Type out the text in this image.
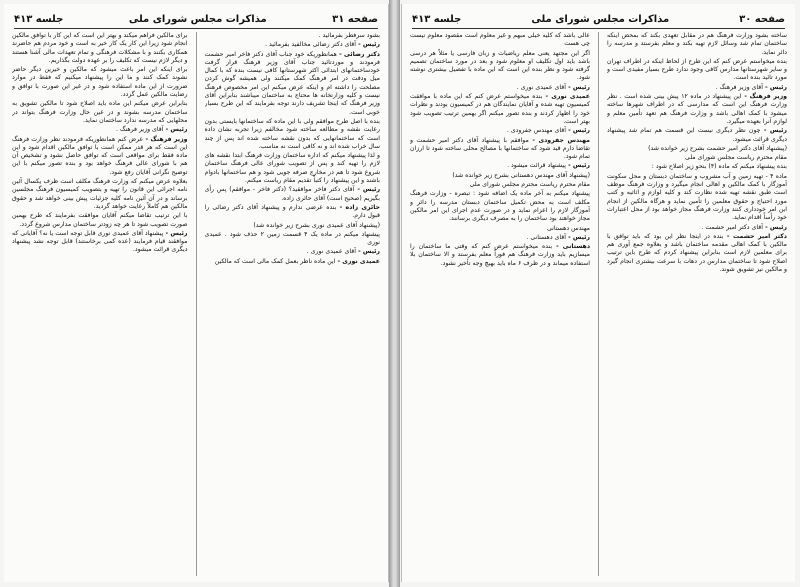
صفحه ۳۱
مذاکرات مجلس شورای ملی
جلسه ۴۱۳

بشود سرفطر بفرمائید .

رئیس - آقای دکتر رضائی مخالفید بفرمائید .

دکتر رضائی - همانطوریکه خود جناب آقای دکتر فاخر امیر حشمت فرمودند و موردتائید جناب آقای وزیر فرهنگ قرار گرفت خودساختمانهای ابتدائی اکثر شهرستانها کافی نیست بنده که با کمال میل ودقت در امر فرهنگ کمک میکنند ولی همیشه گوش کردن مصلحت را داشته ام و اینکه عرض میکنم این امر مخصوص فرهنگ نیست و کلیه وزارتخانه ها محتاج به ساختمان میباشند بنابراین آقای وزیر فرهنگ که اینجا تشریف دارند توجه بفرمایند که این طرح بسیار خوبی است.

بنده با اصل طرح موافقم ولی با این ماده که ساختمانها بایستی بدون رعایت نقشه و مطالعه ساخته شود مخالفم زیرا تجربه نشان داده است که ساختمانهایی که بدون نقشه ساخته شده اند پس از چند سال خراب شده اند و نه کافی است نه مناسب.

و لذا پیشنهاد میکنم که اداره ساختمان وزارت فرهنگ ابتدا نقشه های لازم را تهیه کند و پس از تصویب شورای عالی فرهنگ ساختمان شروع شود تا هم در مخارج صرفه جویی شود و هم ساختمانها بادوام باشند و این پیشنهاد را کتباً تقدیم مقام ریاست میکنم.

رئیس - آقای دکتر فاخر موافقید؟ (دکتر فاخر - موافقم) پس رأی بگیریم (صحیح است) آقای حائری زاده.

حائری زاده - بنده عرضی ندارم و پیشنهاد آقای دکتر رضائی را قبول دارم.

(پیشنهاد آقای عمیدی نوری بشرح زیر خوانده شد)

پیشنهاد میکنم در ماده یک ۴ قسمت زمین ۲ حذف شود . عمیدی نوری

رئیس - آقای عمیدی نوری .

عمیدی نوری - این ماده ناظر بعمل کمک مالی است که مالکین

برای مالکین فراهم میکند و بهتر این است که این کار با توافق مالکین انجام شود زیرا این کار یک کار خیر به است و خود مردم هم حاضرند همکاری بکنند و با مشکلات فرهنگی و تمام تعهدات مالی آشنا هستند و دیگر لازم نیست که تکلیف را بر عهده دولت بگذاریم.

برای اینکه این امر باعث میشود که مالکین و خیرین دیگر حاضر نشوند کمک کنند و ما این را پیشنهاد میکنیم که فقط در موارد ضرورت از این ماده استفاده شود و در غیر این صورت با توافق و رضایت مالکین عمل گردد.

بنابراین عرض میکنم این ماده باید اصلاح شود تا مالکین تشویق به ساختمان مدرسه بشوند و در عین حال وزارت فرهنگ بتواند در محلهایی که مدرسه ندارد ساختمان نماید.

رئیس - آقای وزیر فرهنگ .

وزیر فرهنگ - عرض کنم همانطوریکه فرمودند نظر وزارت فرهنگ این است که هر قدر ممکن است با توافق مالکین اقدام شود و این ماده فقط برای مواقعی است که توافق حاصل نشود و تشخیص آن هم با شورای عالی فرهنگ خواهد بود و بنده تصور میکنم با این توضیح نگرانی آقایان رفع شود.

بعلاوه عرض میکنم که وزارت فرهنگ مکلف است ظرف یکسال آئین نامه اجرائی این قانون را تهیه و بتصویب کمیسیون فرهنگ مجلسین برساند و در آن آئین نامه کلیه جزئیات پیش بینی خواهد شد و حقوق مالکین هم کاملاً رعایت خواهد گردید.

با این ترتیب تقاضا میکنم آقایان موافقت بفرمایند که طرح بهمین صورت تصویب شود تا هر چه زودتر ساختمان مدارس شروع گردد.

رئیس - پیشنهاد آقای عمیدی نوری قابل توجه است یا نه؟ آقایانی که موافقند قیام فرمایند (عده کمی برخاستند) قابل توجه نشد پیشنهاد دیگری قرائت میشود.

صفحه ۳۰
مذاکرات مجلس شورای ملی
جلسه ۴۱۳

ساخته بشود وزارت فرهنگ هم در مقابل تعهدی بکند که بمحض اینکه ساختمان تمام شد وسائل لازم تهیه بکند و معلم بفرستد و مدرسه را دائر نماید.

بنده میخواستم عرض کنم که این طرح از لحاظ اینکه در اطراف تهران و سایر شهرستانها مدارس کافی وجود ندارد طرح بسیار مفیدی است و مورد تائید بنده است.

رئیس - آقای وزیر فرهنگ .

وزیر فرهنگ - این پیشنهاد در ماده ۱۲ پیش بینی شده است . نظر وزارت فرهنگ این است که مدارسی که در اطراف شهرها ساخته میشود با کمک اهالی باشد و وزارت فرهنگ هم تعهد تأمین معلم و لوازم آنرا بعهده میگیرد.

رئیس - چون نظر دیگری نیست این قسمت هم تمام شد پیشنهاد دیگری قرائت میشود.

(پیشنهاد آقای دکتر امیر حشمت بشرح زیر خوانده شد)

مقام محترم ریاست مجلس شورای ملی

بنده پیشنهاد میکنم که ماده (۴) بنحو زیر اصلاح شود :

ماده ۴ - تهیه زمین و آب مشروب و ساختمان دبستان و محل سکونت آموزگار با کمک مالکین و اهالی انجام میگیرد و وزارت فرهنگ موظف است طبق نقشه تهیه شده نظارت کند و کلیه لوازم و اثاثیه و کتب مورد احتیاج و حقوق معلمین را تأمین نماید و هرگاه مالکین از انجام این امر خودداری کنند وزارت فرهنگ مجاز خواهد بود از محل اعتبارات خود رأساً اقدام نماید.

رئیس - آقای دکتر امیر حشمت .

دکتر امیر حشمت - بنده در اینجا نظر این بود که باید توافق با مالکین با کمک اهالی مقدمه ساختمان باشد و بعلاوه جمع آوری هم برای معلمین لازم است بنابراین پیشنهاد کردم که طرح باین ترتیب اصلاح شود تا ساختمان مدارس در دهات با سرعت بیشتری انجام گیرد و مالکین نیز تشویق شوند.

عالی باشد که کلیه خیلی مبهم و غیر معلوم است مقصود معلوم نیست چی هست

اگر این مجتهد یعنی معلم ریاضیات و زبان فارسی یا مثلاً هر درسی باشد باید اول تکلیف او معلوم شود و بعد در مورد ساختمان تصمیم گرفته شود و نظر بنده این است که این ماده با تفصیل بیشتری نوشته شود.

رئیس - آقای عمیدی نوری .

عمیدی نوری - بنده میخواستم عرض کنم که این ماده با موافقت کمیسیون تهیه شده و آقایان نمایندگان هم در کمیسیون بودند و نظرات خود را اظهار کردند و بنده تصور میکنم اگر بهمین ترتیب تصویب شود بهتر است.

رئیس - آقای مهندس جفرودی .

مهندس جفرودی - موافقم با پیشنهاد آقای دکتر امیر حشمت و تقاضا دارم قید شود که ساختمانها با مصالح محلی ساخته شود تا ارزان تمام شود.

رئیس - پیشنهاد قرائت میشود .

(پیشنهاد آقای مهندس دهستانی بشرح زیر خوانده شد)

مقام محترم ریاست محترم مجلس شورای ملی

پیشنهاد میکنم به آخر ماده یک اضافه شود : تبصره - وزارت فرهنگ مکلف است به محض تکمیل ساختمان دبستان مدرسه را دائر و آموزگار لازم را اعزام نماید و در صورت عدم اجرای این امر مالکین مجاز خواهند بود ساختمان را به مصرف دیگری برسانند.

مهندس دهستانی

رئیس - آقای دهستانی .

دهستانی - بنده میخواستم عرض کنم که وقتی ما ساختمان را میسازیم باید وزارت فرهنگ هم فوراً معلم بفرستد و الا ساختمان بلا استفاده میماند و در ظرف ۶ ماه باید بهیچ وجه تأخیر نشود.
